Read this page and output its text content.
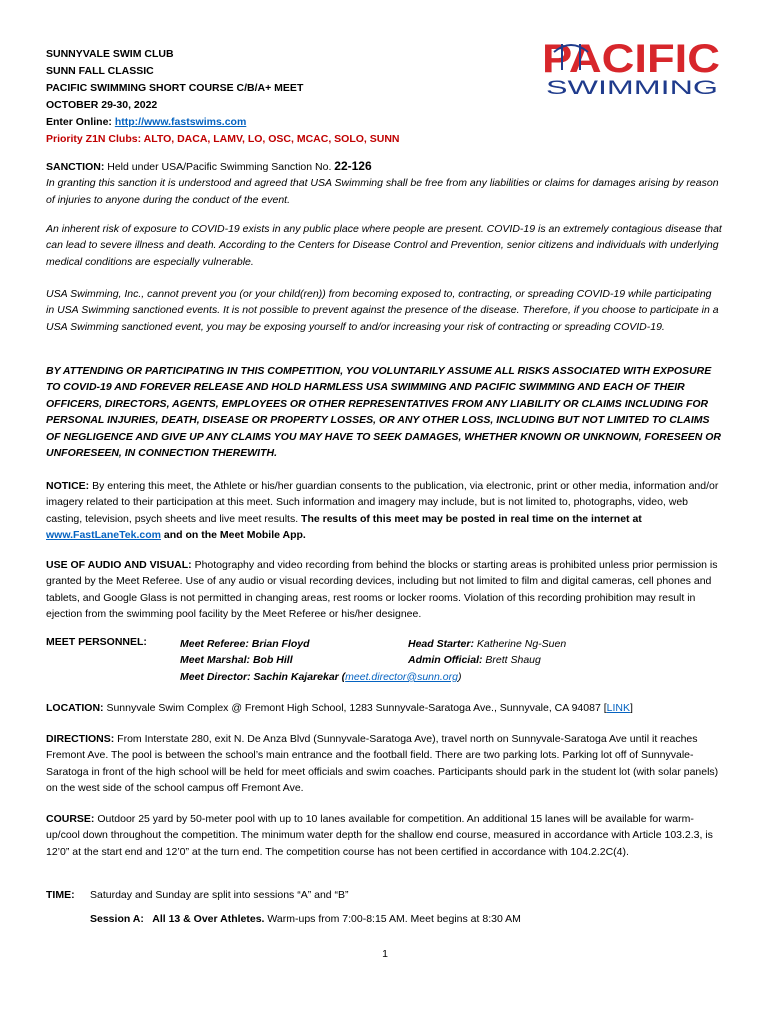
SUNNYVALE SWIM CLUB
SUNN FALL CLASSIC
PACIFIC SWIMMING SHORT COURSE C/B/A+ MEET
OCTOBER 29-30, 2022
Enter Online: http://www.fastswims.com
Priority Z1N Clubs: ALTO, DACA, LAMV, LO, OSC, MCAC, SOLO, SUNN
PACIFIC
SWIMMING

SANCTION: Held under USA/Pacific Swimming Sanction No. 22-126

In granting this sanction it is understood and agreed that USA Swimming shall be free from any liabilities or claims for damages arising by reason of injuries to anyone during the conduct of the event.

An inherent risk of exposure to COVID-19 exists in any public place where people are present. COVID-19 is an extremely contagious disease that can lead to severe illness and death. According to the Centers for Disease Control and Prevention, senior citizens and individuals with underlying medical conditions are especially vulnerable.
USA Swimming, Inc., cannot prevent you (or your child(ren)) from becoming exposed to, contracting, or spreading COVID-19 while participating in USA Swimming sanctioned events. It is not possible to prevent against the presence of the disease. Therefore, if you choose to participate in a USA Swimming sanctioned event, you may be exposing yourself to and/or increasing your risk of contracting or spreading COVID-19.
BY ATTENDING OR PARTICIPATING IN THIS COMPETITION, YOU VOLUNTARILY ASSUME ALL RISKS ASSOCIATED WITH EXPOSURE TO COVID-19 AND FOREVER RELEASE AND HOLD HARMLESS USA SWIMMING AND PACIFIC SWIMMING AND EACH OF THEIR OFFICERS, DIRECTORS, AGENTS, EMPLOYEES OR OTHER REPRESENTATIVES FROM ANY LIABILITY OR CLAIMS INCLUDING FOR PERSONAL INJURIES, DEATH, DISEASE OR PROPERTY LOSSES, OR ANY OTHER LOSS, INCLUDING BUT NOT LIMITED TO CLAIMS OF NEGLIGENCE AND GIVE UP ANY CLAIMS YOU MAY HAVE TO SEEK DAMAGES, WHETHER KNOWN OR UNKNOWN, FORESEEN OR UNFORESEEN, IN CONNECTION THEREWITH.
NOTICE: By entering this meet, the Athlete or his/her guardian consents to the publication, via electronic, print or other media, information and/or imagery related to their participation at this meet. Such information and imagery may include, but is not limited to, photographs, video, web casting, television, psych sheets and live meet results. The results of this meet may be posted in real time on the internet at www.FastLaneTek.com and on the Meet Mobile App.
USE OF AUDIO AND VISUAL: Photography and video recording from behind the blocks or starting areas is prohibited unless prior permission is granted by the Meet Referee. Use of any audio or visual recording devices, including but not limited to film and digital cameras, cell phones and tablets, and Google Glass is not permitted in changing areas, rest rooms or locker rooms. Violation of this recording prohibition may result in ejection from the swimming pool facility by the Meet Referee or his/her designee.
MEET PERSONNEL:	Meet Referee: Brian Floyd
Meet Marshal: Bob Hill
Meet Director: Sachin Kajarekar (meet.director@sunn.org)
Head Starter: Katherine Ng-Suen
Admin Official: Brett Shaug
LOCATION: Sunnyvale Swim Complex @ Fremont High School, 1283 Sunnyvale-Saratoga Ave., Sunnyvale, CA 94087 [LINK]
DIRECTIONS: From Interstate 280, exit N. De Anza Blvd (Sunnyvale-Saratoga Ave), travel north on Sunnyvale-Saratoga Ave until it reaches Fremont Ave. The pool is between the school’s main entrance and the football field. There are two parking lots. Parking lot off of Sunnyvale-Saratoga in front of the high school will be held for meet officials and swim coaches. Participants should park in the student lot (with solar panels) on the west side of the school campus off Fremont Ave.
COURSE: Outdoor 25 yard by 50-meter pool with up to 10 lanes available for competition. An additional 15 lanes will be available for warm-up/cool down throughout the competition. The minimum water depth for the shallow end course, measured in accordance with Article 103.2.3, is 12’0” at the start end and 12’0” at the turn end. The competition course has not been certified in accordance with 104.2.2C(4).
TIME: Saturday and Sunday are split into sessions “A” and “B”
Session A:   All 13 & Over Athletes. Warm-ups from 7:00-8:15 AM. Meet begins at 8:30 AM
1
